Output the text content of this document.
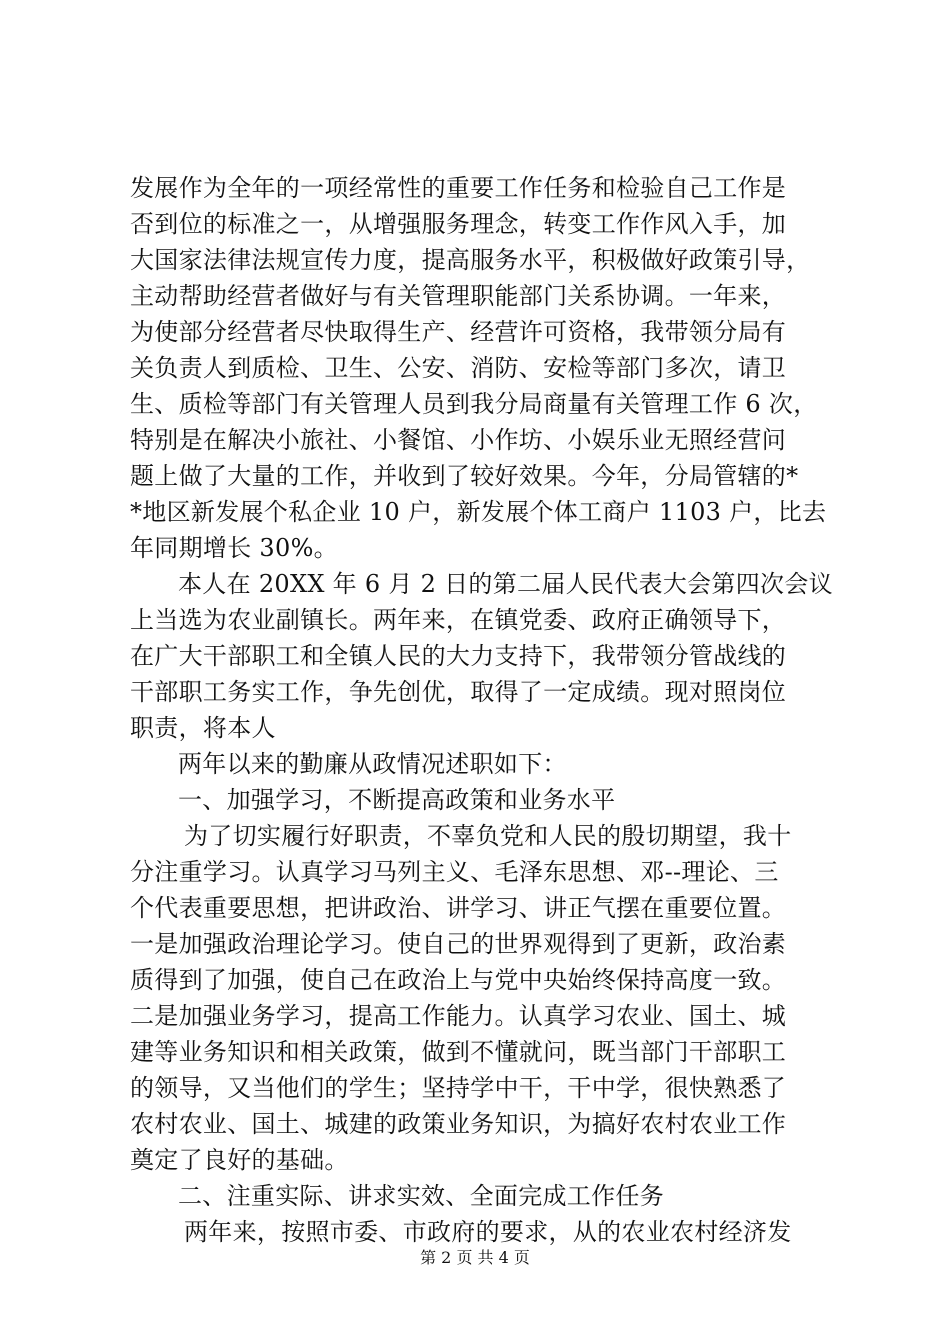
发展作为全年的一项经常性的重要工作任务和检验自己工作是
否到位的标准之一，从增强服务理念，转变工作作风入手，加
大国家法律法规宣传力度，提高服务水平，积极做好政策引导，
主动帮助经营者做好与有关管理职能部门关系协调。一年来，
为使部分经营者尽快取得生产、经营许可资格，我带领分局有
关负责人到质检、卫生、公安、消防、安检等部门多次，请卫
生、质检等部门有关管理人员到我分局商量有关管理工作 6 次，
特别是在解决小旅社、小餐馆、小作坊、小娱乐业无照经营问
题上做了大量的工作，并收到了较好效果。今年，分局管辖的*
*地区新发展个私企业 10 户，新发展个体工商户 1103 户，比去
年同期增长 30%。
本人在 20XX 年 6 月 2 日的第二届人民代表大会第四次会议
上当选为农业副镇长。两年来，在镇党委、政府正确领导下，
在广大干部职工和全镇人民的大力支持下，我带领分管战线的
干部职工务实工作，争先创优，取得了一定成绩。现对照岗位
职责，将本人
两年以来的勤廉从政情况述职如下：
一、加强学习，不断提高政策和业务水平
为了切实履行好职责，不辜负党和人民的殷切期望，我十
分注重学习。认真学习马列主义、毛泽东思想、邓--理论、三
个代表重要思想，把讲政治、讲学习、讲正气摆在重要位置。
一是加强政治理论学习。使自己的世界观得到了更新，政治素
质得到了加强，使自己在政治上与党中央始终保持高度一致。
二是加强业务学习，提高工作能力。认真学习农业、国土、城
建等业务知识和相关政策，做到不懂就问，既当部门干部职工
的领导，又当他们的学生；坚持学中干，干中学，很快熟悉了
农村农业、国土、城建的政策业务知识，为搞好农村农业工作
奠定了良好的基础。
二、注重实际、讲求实效、全面完成工作任务
两年来，按照市委、市政府的要求，从的农业农村经济发
第 2 页 共 4 页
